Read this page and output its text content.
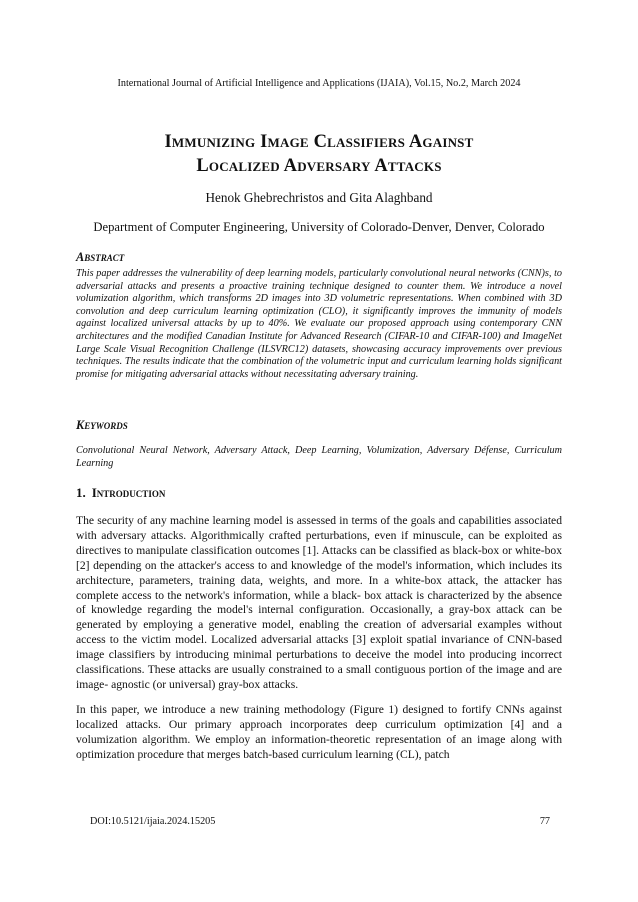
International Journal of Artificial Intelligence and Applications (IJAIA), Vol.15, No.2, March 2024
Immunizing Image Classifiers Against
Localized Adversary Attacks
Henok Ghebrechristos and Gita Alaghband
Department of Computer Engineering, University of Colorado-Denver, Denver, Colorado
Abstract
This paper addresses the vulnerability of deep learning models, particularly convolutional neural networks (CNN)s, to adversarial attacks and presents a proactive training technique designed to counter them. We introduce a novel volumization algorithm, which transforms 2D images into 3D volumetric representations. When combined with 3D convolution and deep curriculum learning optimization (CLO), it significantly improves the immunity of models against localized universal attacks by up to 40%. We evaluate our proposed approach using contemporary CNN architectures and the modified Canadian Institute for Advanced Research (CIFAR-10 and CIFAR-100) and ImageNet Large Scale Visual Recognition Challenge (ILSVRC12) datasets, showcasing accuracy improvements over previous techniques. The results indicate that the combination of the volumetric input and curriculum learning holds significant promise for mitigating adversarial attacks without necessitating adversary training.
Keywords
Convolutional Neural Network, Adversary Attack, Deep Learning, Volumization, Adversary Défense, Curriculum Learning
1. Introduction
The security of any machine learning model is assessed in terms of the goals and capabilities associated with adversary attacks. Algorithmically crafted perturbations, even if minuscule, can be exploited as directives to manipulate classification outcomes [1]. Attacks can be classified as black-box or white-box [2] depending on the attacker's access to and knowledge of the model's information, which includes its architecture, parameters, training data, weights, and more. In a white-box attack, the attacker has complete access to the network's information, while a black- box attack is characterized by the absence of knowledge regarding the model's internal configuration. Occasionally, a gray-box attack can be generated by employing a generative model, enabling the creation of adversarial examples without access to the victim model. Localized adversarial attacks [3] exploit spatial invariance of CNN-based image classifiers by introducing minimal perturbations to deceive the model into producing incorrect classifications. These attacks are usually constrained to a small contiguous portion of the image and are image- agnostic (or universal) gray-box attacks.
In this paper, we introduce a new training methodology (Figure 1) designed to fortify CNNs against localized attacks. Our primary approach incorporates deep curriculum optimization [4] and a volumization algorithm. We employ an information-theoretic representation of an image along with optimization procedure that merges batch-based curriculum learning (CL), patch
DOI:10.5121/ijaia.2024.15205	77
